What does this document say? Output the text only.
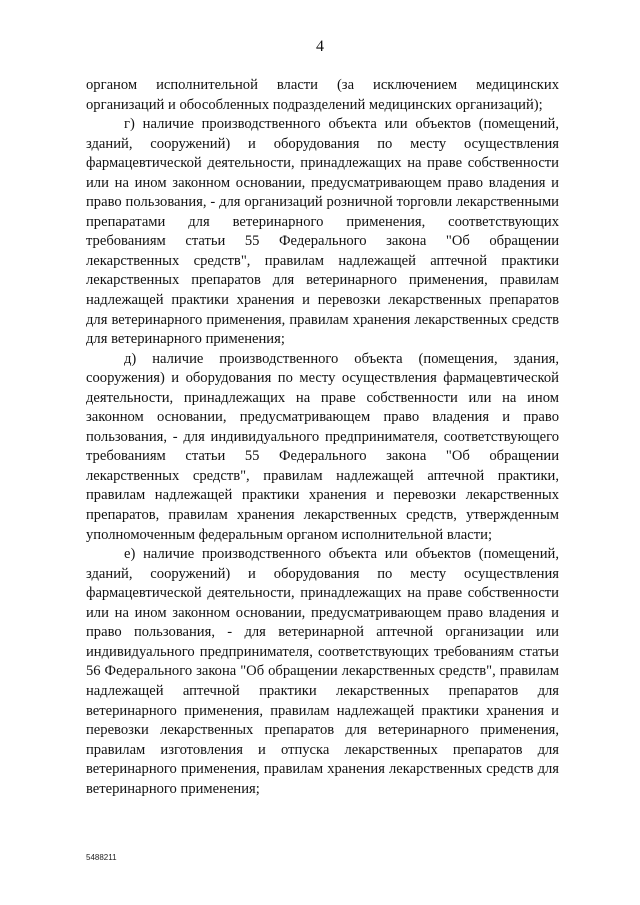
4

органом исполнительной власти (за исключением медицинских организаций и обособленных подразделений медицинских организаций);

г) наличие производственного объекта или объектов (помещений, зданий, сооружений) и оборудования по месту осуществления фармацевтической деятельности, принадлежащих на праве собственности или на ином законном основании, предусматривающем право владения и право пользования, - для организаций розничной торговли лекарственными препаратами для ветеринарного применения, соответствующих требованиям статьи 55 Федерального закона "Об обращении лекарственных средств", правилам надлежащей аптечной практики лекарственных препаратов для ветеринарного применения, правилам надлежащей практики хранения и перевозки лекарственных препаратов для ветеринарного применения, правилам хранения лекарственных средств для ветеринарного применения;

д) наличие производственного объекта (помещения, здания, сооружения) и оборудования по месту осуществления фармацевтической деятельности, принадлежащих на праве собственности или на ином законном основании, предусматривающем право владения и право пользования, - для индивидуального предпринимателя, соответствующего требованиям статьи 55 Федерального закона "Об обращении лекарственных средств", правилам надлежащей аптечной практики, правилам надлежащей практики хранения и перевозки лекарственных препаратов, правилам хранения лекарственных средств, утвержденным уполномоченным федеральным органом исполнительной власти;

е) наличие производственного объекта или объектов (помещений, зданий, сооружений) и оборудования по месту осуществления фармацевтической деятельности, принадлежащих на праве собственности или на ином законном основании, предусматривающем право владения и право пользования, - для ветеринарной аптечной организации или индивидуального предпринимателя, соответствующих требованиям статьи 56 Федерального закона "Об обращении лекарственных средств", правилам надлежащей аптечной практики лекарственных препаратов для ветеринарного применения, правилам надлежащей практики хранения и перевозки лекарственных препаратов для ветеринарного применения, правилам изготовления и отпуска лекарственных препаратов для ветеринарного применения, правилам хранения лекарственных средств для ветеринарного применения;

5488211
